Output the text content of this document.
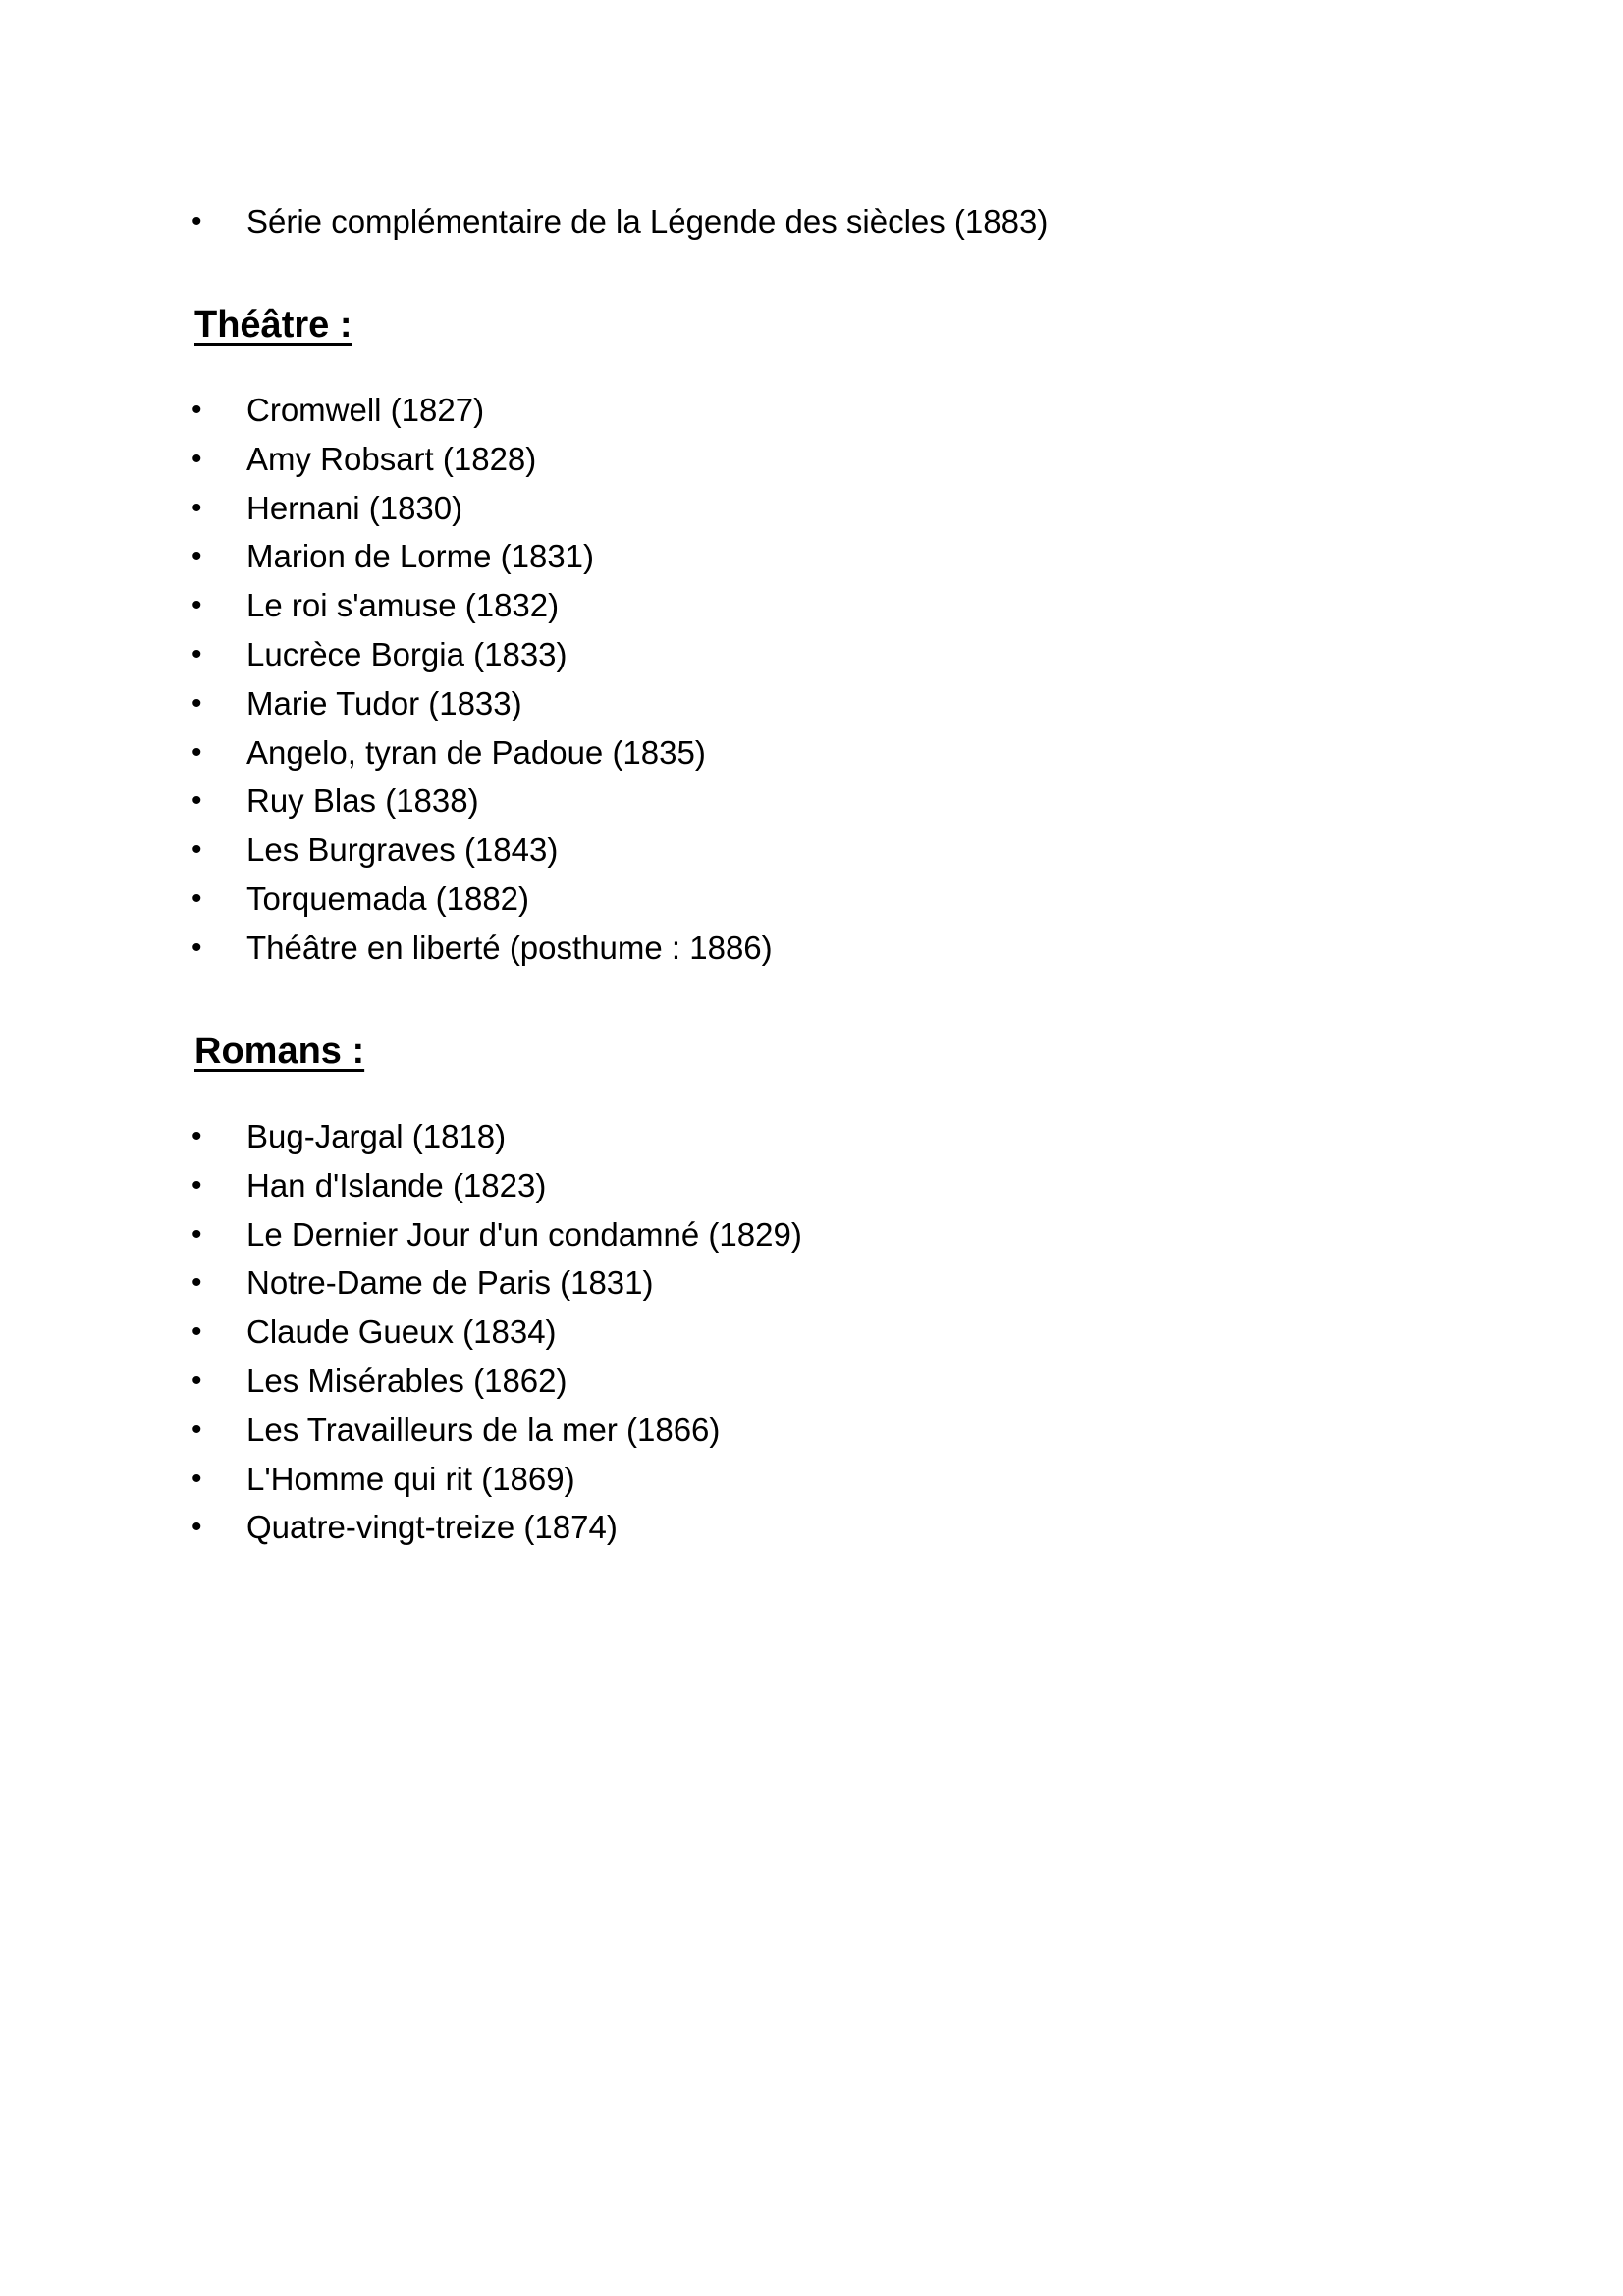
• Série complémentaire de la Légende des siècles (1883)
Théâtre :
• Cromwell (1827)
• Amy Robsart (1828)
• Hernani (1830)
• Marion de Lorme (1831)
• Le roi s'amuse (1832)
• Lucrèce Borgia (1833)
• Marie Tudor (1833)
• Angelo, tyran de Padoue (1835)
• Ruy Blas (1838)
• Les Burgraves (1843)
• Torquemada (1882)
• Théâtre en liberté (posthume : 1886)
Romans :
• Bug-Jargal (1818)
• Han d'Islande (1823)
• Le Dernier Jour d'un condamné (1829)
• Notre-Dame de Paris (1831)
• Claude Gueux (1834)
• Les Misérables (1862)
• Les Travailleurs de la mer (1866)
• L'Homme qui rit (1869)
• Quatre-vingt-treize (1874)
